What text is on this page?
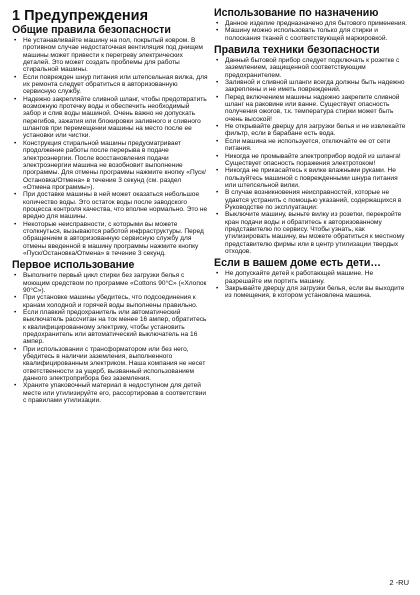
1 Предупреждения
Общие правила безопасности
• Не устанавливайте машину на пол, покрытый ковром. В противном случае недостаточная вентиляция под днищем машины может привести к перегреву электрических деталей. Это может создать проблемы для работы стиральной машины.
• Если поврежден шнур питания или штепсельная вилка, для их ремонта следует обратиться в авторизованную сервисную службу.
• Надежно закрепляйте сливной шланг, чтобы предотвратить возможную протечку воды и обеспечить необходимый забор и слив воды машиной. Очень важно не допускать перегибов, зажатия или блокировки заливного и сливного шлангов при перемещении машины на место после ее установки или чистки.
• Конструкция стиральной машины предусматривает продолжение работы после перерыва в подаче электроэнергии. После восстановления подачи электроэнергии машина не возобновит выполнение программы. Для отмены программы нажмите кнопку «Пуск/Остановка/Отмена» в течение 3 секунд (см. раздел «Отмена программы»).
• При доставке машины в ней может оказаться небольшое количество воды. Это остаток воды после заводского процесса контроля качества, что вполне нормально. Это не вредно для машины.
• Некоторые неисправности, с которыми вы можете столкнуться, вызываются работой инфраструктуры. Перед обращением в авторизованную сервисную службу для отмены введенной в машину программы нажмите кнопку «Пуск/Остановка/Отмена» в течение 3 секунд.
Первое использование
• Выполните первый цикл стирки без загрузки белья с моющим средством по программе «Cottons 90°C» («Хлопок 90°C»).
• При установке машины убедитесь, что подсоединения к кранам холодной и горячей воды выполнены правильно.
• Если плавкий предохранитель или автоматический выключатель рассчитан на ток менее 16 ампер, обратитесь к квалифицированному электрику, чтобы установить предохранитель или автоматический выключатель на 16 ампер.
• При использовании с трансформатором или без него, убедитесь в наличии заземления, выполненного квалифицированным электриком. Наша компания не несет ответственности за ущерб, вызванный использованием данного электроприбора без заземления.
• Храните упаковочный материал в недоступном для детей месте или утилизируйте его, рассортировав в соответствии с правилами утилизации.
Использование по назначению
• Данное изделие предназначено для бытового применения.
• Машину можно использовать только для стирки и полоскания тканей с соответствующей маркировкой.
Правила техники безопасности
• Данный бытовой прибор следует подключать к розетке с заземлением, защищенной соответствующим предохранителем.
• Заливной и сливной шланги всегда должны быть надежно закреплены и не иметь повреждений.
• Перед включением машины надежно закрепите сливной шланг на раковине или ванне. Существует опасность получения ожогов, т.к. температура стирки может быть очень высокой!
• Не открывайте дверцу для загрузки белья и не извлекайте фильтр, если в барабане есть вода.
• Если машина не используется, отключайте ее от сети питания.
• Никогда не промывайте электроприбор водой из шланга! Существует опасность поражения электротоком!
• Никогда не прикасайтесь к вилке влажными руками. Не пользуйтесь машиной с поврежденными шнура питания или штепсельной вилки.
• В случае возникновения неисправностей, которые не удается устранить с помощью указаний, содержащихся в Руководстве по эксплуатации:
• Выключите машину, выньте вилку из розетки, перекройте кран подачи воды и обратитесь к авторизованному представителю по сервису. Чтобы узнать, как утилизировать машину, вы можете обратиться к местному представителю фирмы или в центр утилизации твердых отходов.
Если в вашем доме есть дети…
• Не допускайте детей к работающей машине. Не разрешайте им портить машину.
• Закрывайте дверцу для загрузки белья, если вы выходите из помещения, в котором установлена машина.
2 -RU
